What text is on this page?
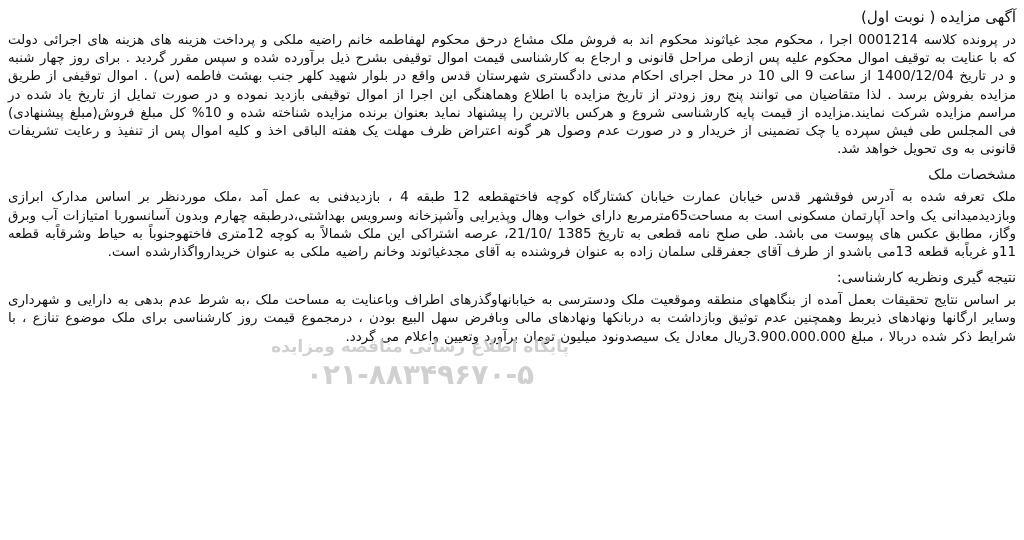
آگهی مزایده ( نوبت اول)

در پرونده کلاسه 0001214 اجرا ، محکوم مجد غیاثوند محکوم اند به فروش ملک مشاع درحق محکوم لهفاطمه خانم راضیه ملکی و پرداخت هزینه های هزینه های اجرائی دولت که با عنایت به توقیف اموال محکوم علیه پس ازطی مراحل قانونی و ارجاع به کارشناسی قیمت اموال توقیفی بشرح ذیل برآورده شده و سپس مقرر گردید . برای روز چهار شنبه و در تاریخ 1400/12/04 از ساعت 9 الی 10 در محل اجرای احکام مدنی دادگستری شهرستان قدس واقع در بلوار شهید کلهر جنب بهشت فاطمه (س) . اموال توقیفی از طریق مزایده بفروش برسد . لذا متقاضیان می توانند پنج روز زودتر از تاریخ مزایده با اطلاع وهماهنگی این اجرا از اموال توقیفی بازدید نموده و در صورت تمایل از تاریخ یاد شده در مراسم مزایده شرکت نمایند.مزایده از قیمت پایه کارشناسی شروع و هرکس بالاترین را پیشنهاد نماید بعنوان برنده مزایده شناخته شده و 10% کل مبلغ فروش(مبلغ پیشنهادی) فی المجلس طی فیش سپرده یا چک تضمینی از خریدار و در صورت عدم وصول هر گونه اعتراض ظرف مهلت یک هفته الباقی اخذ و کلیه اموال پس از تنفیذ و رعایت تشریفات قانونی به وی تحویل خواهد شد.

مشخصات ملک

ملک تعرفه شده به آدرس فوقشهر قدس خیابان عمارت خیابان کشتارگاه کوچه فاختهقطعه 12 طبقه 4 ، بازدیدفنی به عمل آمد ،ملک موردنظر بر اساس مدارک ابرازی وبازدیدمیدانی یک واحد آپارتمان مسکونی است به مساحت65مترمربع دارای خواب وهال وپذیرایی وآشپزخانه وسرویس بهداشتی،درطبقه چهارم وبدون آسانسوربا امتیازات آب وبرق وگاز، مطابق عکس های پیوست می باشد. طی صلح نامه قطعی به تاریخ 1385 /21/10، عرصه اشتراکی این ملک شمالاً به کوچه 12متری فاختهوجنوباً به حیاط وشرقاًبه قطعه 11و غرباًبه قطعه 13می باشدو از طرف آقای جعفرقلی سلمان زاده به عنوان فروشنده به آقای مجدغیاثوند وخانم راضیه ملکی به عنوان خریدارواگذارشده است.

نتیجه گیری ونظریه کارشناسی:

بر اساس نتایج تحقیقات بعمل آمده از بنگاههای منطقه وموقعیت ملک ودسترسی به خیابانهاوگذرهای اطراف وباعنایت به مساحت ملک ،به شرط عدم بدهی به دارایی و شهرداری وسایر ارگانها ونهادهای ذیربط وهمچنین عدم توثیق وبازداشت به دربانکها ونهادهای مالی وبافرض سهل البیع بودن ، درمجموع قیمت روز کارشناسی برای ملک موضوع تنازع ، با شرایط ذکر شده دربالا ، مبلغ 3.900.000.000ریال معادل یک سیصدونود میلیون تومان برآورد وتعیین واعلام می گردد.

پایگاه اطلاع رسانی مناقصه ومزایده
۰۲۱-۸۸۳۴۹۶۷۰-۵
